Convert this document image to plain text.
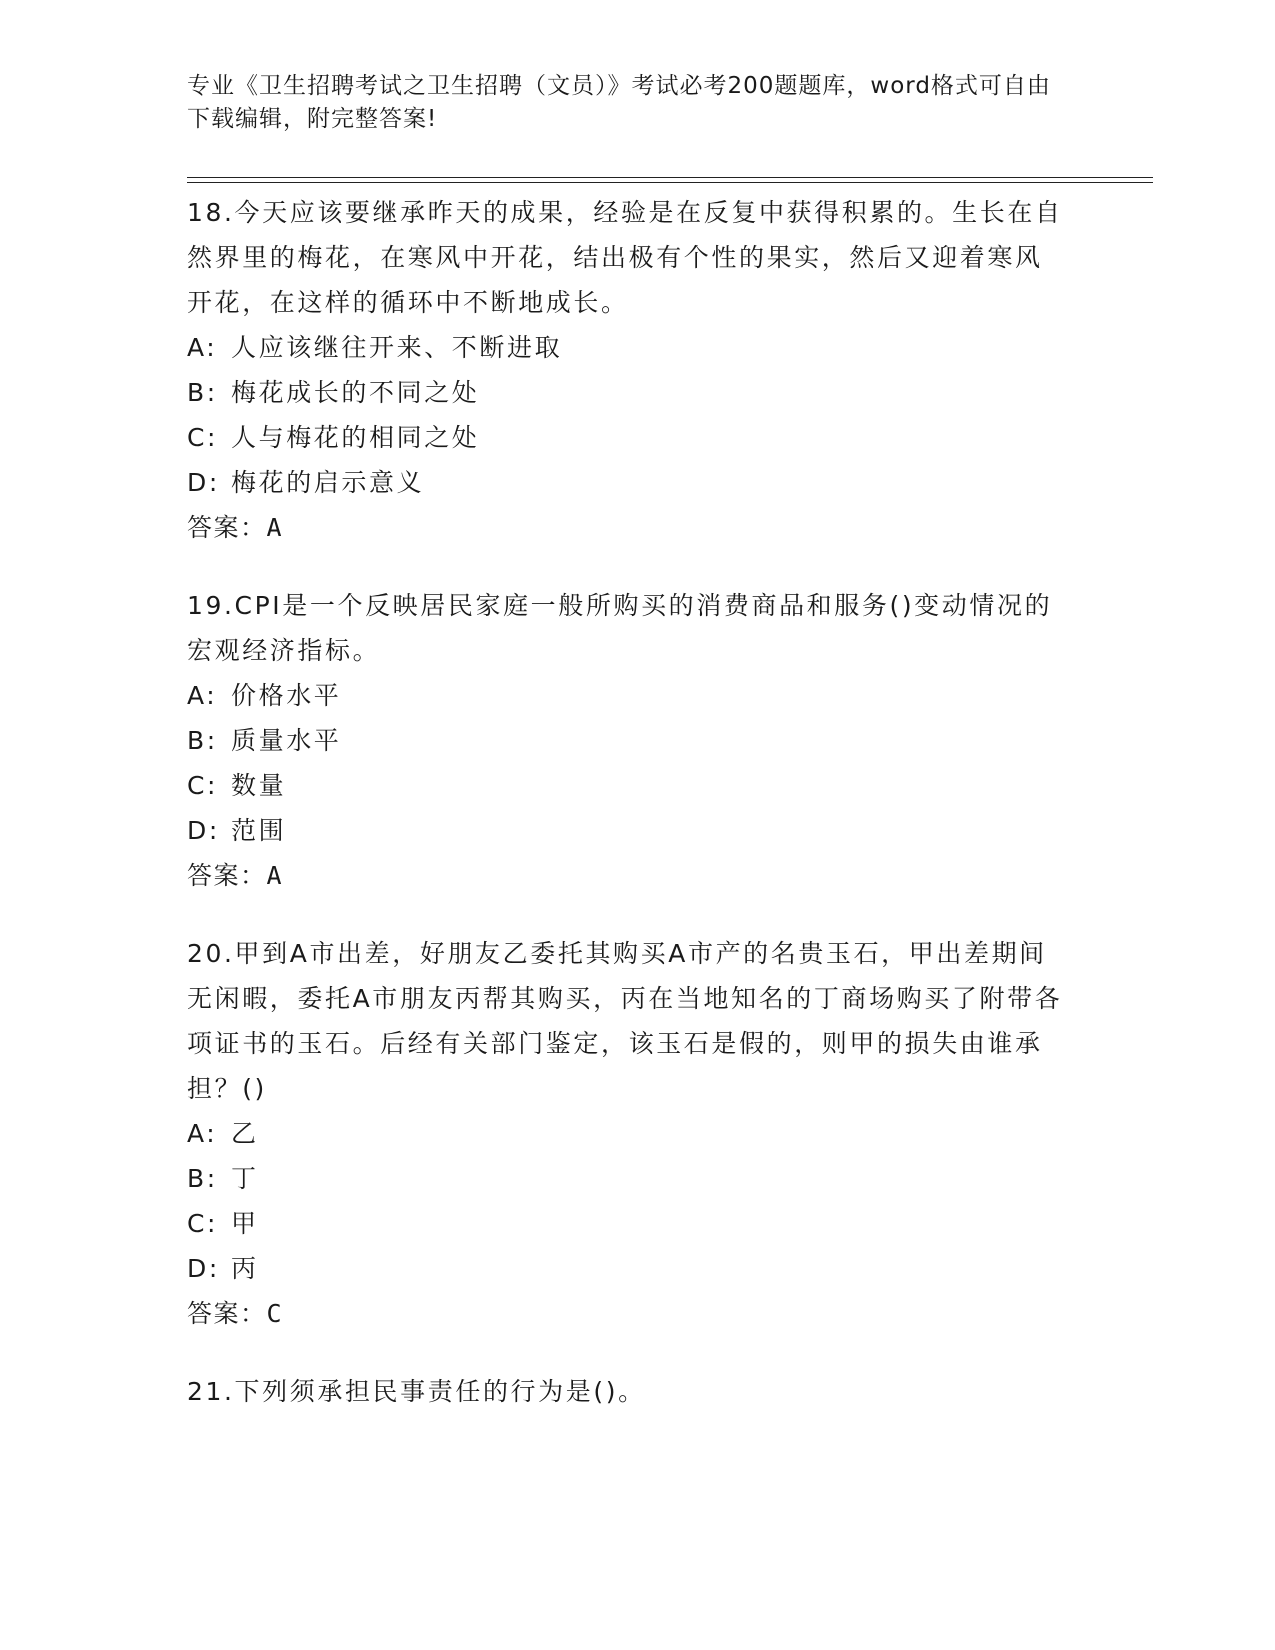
专业《卫生招聘考试之卫生招聘（文员）》考试必考200题题库，word格式可自由下载编辑，附完整答案!

18.今天应该要继承昨天的成果，经验是在反复中获得积累的。生长在自然界里的梅花，在寒风中开花，结出极有个性的果实，然后又迎着寒风开花，在这样的循环中不断地成长。

A: 人应该继往开来、不断进取

B: 梅花成长的不同之处

C: 人与梅花的相同之处

D: 梅花的启示意义

答案：A

19.CPI是一个反映居民家庭一般所购买的消费商品和服务()变动情况的宏观经济指标。

A: 价格水平

B: 质量水平

C: 数量

D: 范围

答案：A

20.甲到A市出差，好朋友乙委托其购买A市产的名贵玉石，甲出差期间无闲暇，委托A市朋友丙帮其购买，丙在当地知名的丁商场购买了附带各项证书的玉石。后经有关部门鉴定，该玉石是假的，则甲的损失由谁承担？()

A: 乙

B: 丁

C: 甲

D: 丙

答案：C

21.下列须承担民事责任的行为是()。
